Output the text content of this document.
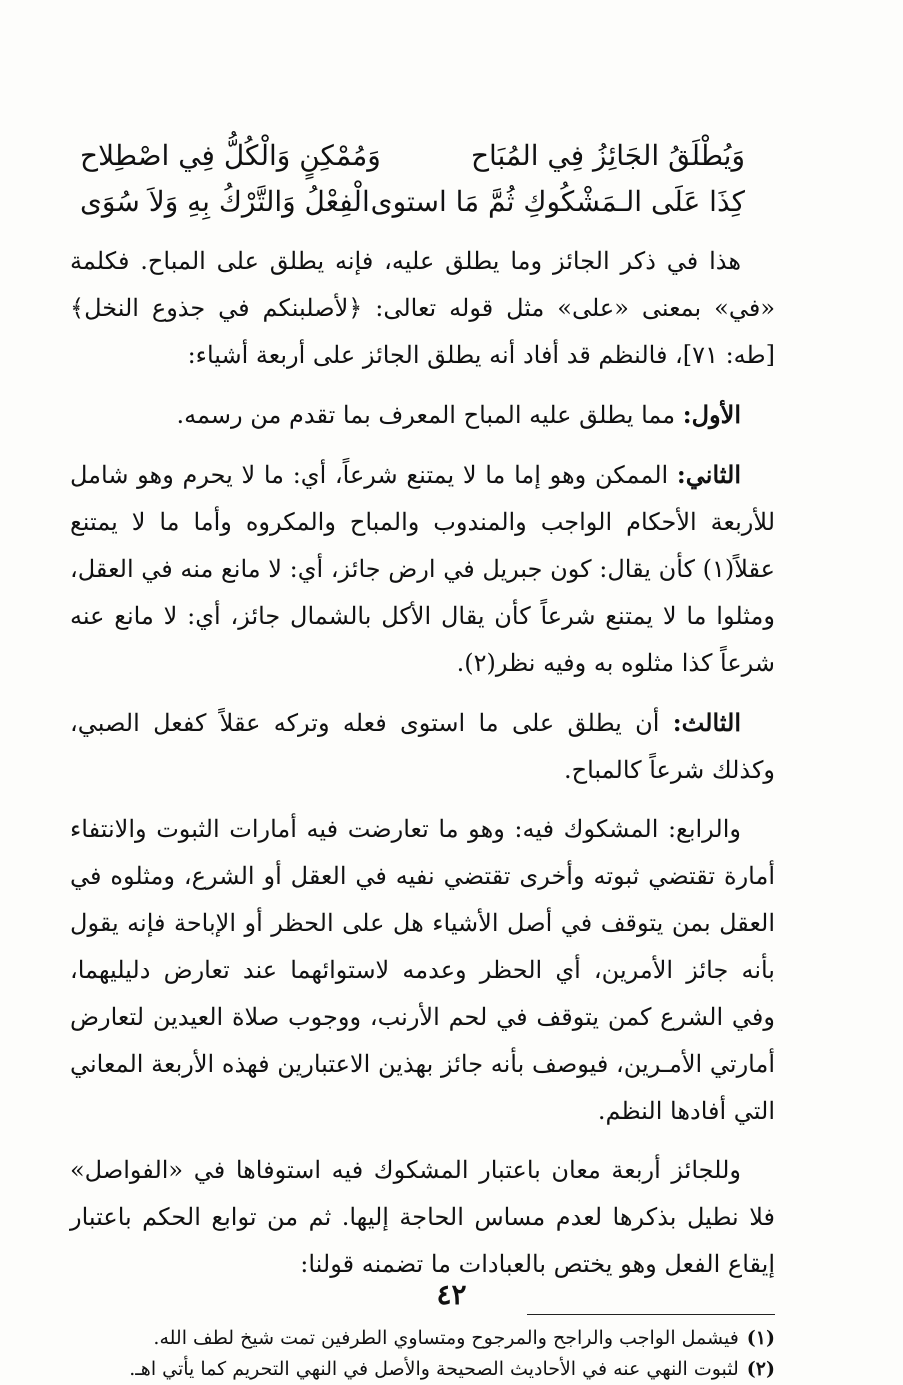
وَيُطْلَقُ الجَائِزُ فِي المُبَاح
وَمُمْكِنٍ وَالْكُلُّ فِي اصْطِلاح
كِذَا عَلَى الـمَشْكُوكِ ثُمَّ مَا استوى
الْفِعْلُ وَالتَّرْكُ بِهِ وَلاَ سُوَى

هذا في ذكر الجائز وما يطلق عليه، فإنه يطلق على المباح. فكلمة «في» بمعنى «على» مثل قوله تعالى: ﴿لأصلبنكم في جذوع النخل﴾ [طه: ٧١]، فالنظم قد أفاد أنه يطلق الجائز على أربعة أشياء:

الأول: مما يطلق عليه المباح المعرف بما تقدم من رسمه.

الثاني: الممكن وهو إما ما لا يمتنع شرعاً، أي: ما لا يحرم وهو شامل للأربعة الأحكام الواجب والمندوب والمباح والمكروه وأما ما لا يمتنع عقلاً(١) كأن يقال: كون جبريل في ارض جائز، أي: لا مانع منه في العقل، ومثلوا ما لا يمتنع شرعاً كأن يقال الأكل بالشمال جائز، أي: لا مانع عنه شرعاً كذا مثلوه به وفيه نظر(٢).

الثالث: أن يطلق على ما استوى فعله وتركه عقلاً كفعل الصبي، وكذلك شرعاً كالمباح.

والرابع: المشكوك فيه: وهو ما تعارضت فيه أمارات الثبوت والانتفاء أمارة تقتضي ثبوته وأخرى تقتضي نفيه في العقل أو الشرع، ومثلوه في العقل بمن يتوقف في أصل الأشياء هل على الحظر أو الإباحة فإنه يقول بأنه جائز الأمرين، أي الحظر وعدمه لاستوائهما عند تعارض دليليهما، وفي الشرع كمن يتوقف في لحم الأرنب، ووجوب صلاة العيدين لتعارض أمارتي الأمـرين، فيوصف بأنه جائز بهذين الاعتبارين فهذه الأربعة المعاني التي أفادها النظم.

وللجائز أربعة معان باعتبار المشكوك فيه استوفاها في «الفواصل» فلا نطيل بذكرها لعدم مساس الحاجة إليها. ثم من توابع الحكم باعتبار إيقاع الفعل وهو يختص بالعبادات ما تضمنه قولنا:

(١)فيشمل الواجب والراجح والمرجوح ومتساوي الطرفين تمت شيخ لطف الله.

(٢)لثبوت النهي عنه في الأحاديث الصحيحة والأصل في النهي التحريم كما يأتي اهـ.

٤٢
